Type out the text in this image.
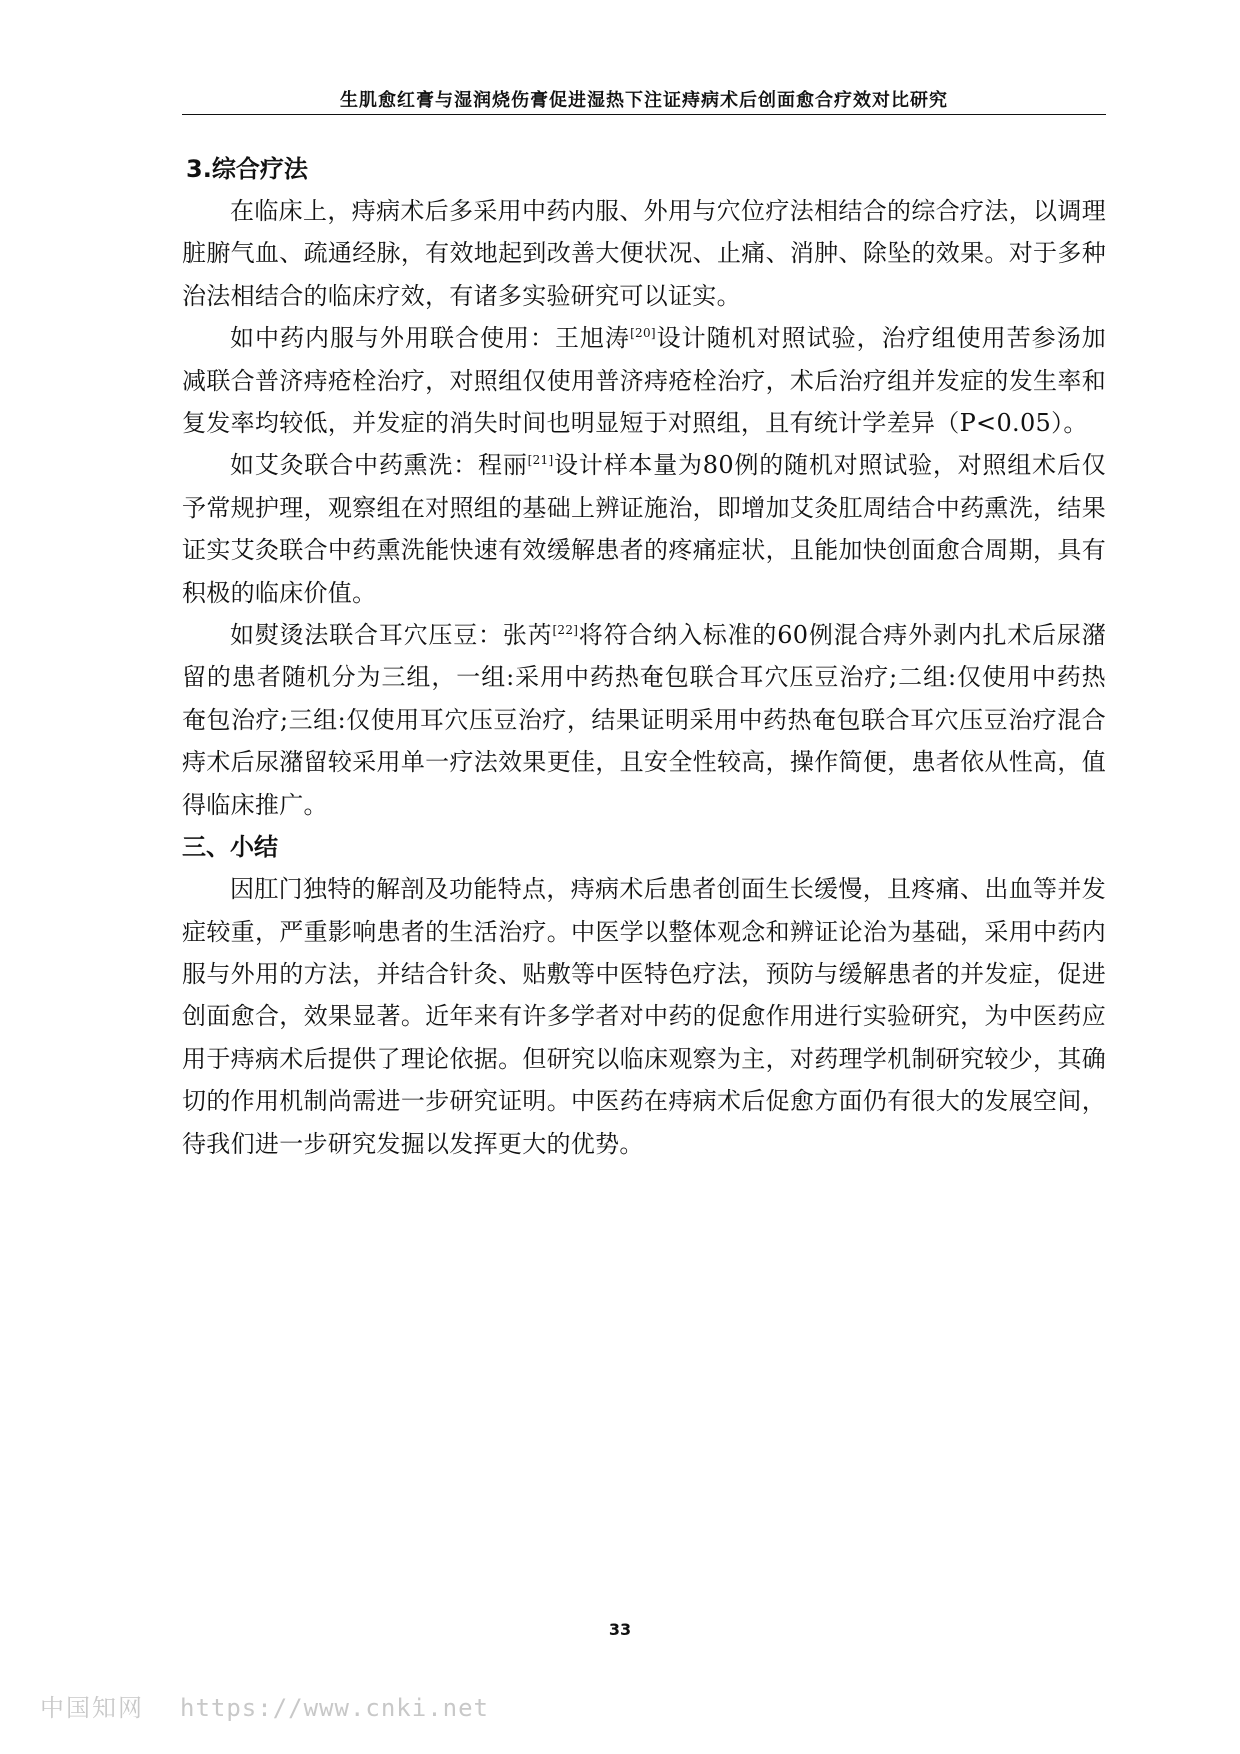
生肌愈红膏与湿润烧伤膏促进湿热下注证痔病术后创面愈合疗效对比研究
3.综合疗法

在临床上，痔病术后多采用中药内服、外用与穴位疗法相结合的综合疗法，以调理脏腑气血、疏通经脉，有效地起到改善大便状况、止痛、消肿、除坠的效果。对于多种治法相结合的临床疗效，有诸多实验研究可以证实。

如中药内服与外用联合使用：王旭涛[20]设计随机对照试验，治疗组使用苦参汤加减联合普济痔疮栓治疗，对照组仅使用普济痔疮栓治疗，术后治疗组并发症的发生率和复发率均较低，并发症的消失时间也明显短于对照组，且有统计学差异（P<0.05）。

如艾灸联合中药熏洗：程丽[21]设计样本量为80例的随机对照试验，对照组术后仅予常规护理，观察组在对照组的基础上辨证施治，即增加艾灸肛周结合中药熏洗，结果证实艾灸联合中药熏洗能快速有效缓解患者的疼痛症状，且能加快创面愈合周期，具有积极的临床价值。

如熨烫法联合耳穴压豆：张芮[22]将符合纳入标准的60例混合痔外剥内扎术后尿潴留的患者随机分为三组，一组:采用中药热奄包联合耳穴压豆治疗;二组:仅使用中药热奄包治疗;三组:仅使用耳穴压豆治疗，结果证明采用中药热奄包联合耳穴压豆治疗混合痔术后尿潴留较采用单一疗法效果更佳，且安全性较高，操作简便，患者依从性高，值得临床推广。

三、小结

因肛门独特的解剖及功能特点，痔病术后患者创面生长缓慢，且疼痛、出血等并发症较重，严重影响患者的生活治疗。中医学以整体观念和辨证论治为基础，采用中药内服与外用的方法，并结合针灸、贴敷等中医特色疗法，预防与缓解患者的并发症，促进创面愈合，效果显著。近年来有许多学者对中药的促愈作用进行实验研究，为中医药应用于痔病术后提供了理论依据。但研究以临床观察为主，对药理学机制研究较少，其确切的作用机制尚需进一步研究证明。中医药在痔病术后促愈方面仍有很大的发展空间，待我们进一步研究发掘以发挥更大的优势。

33
中国知网 https://www.cnki.net
